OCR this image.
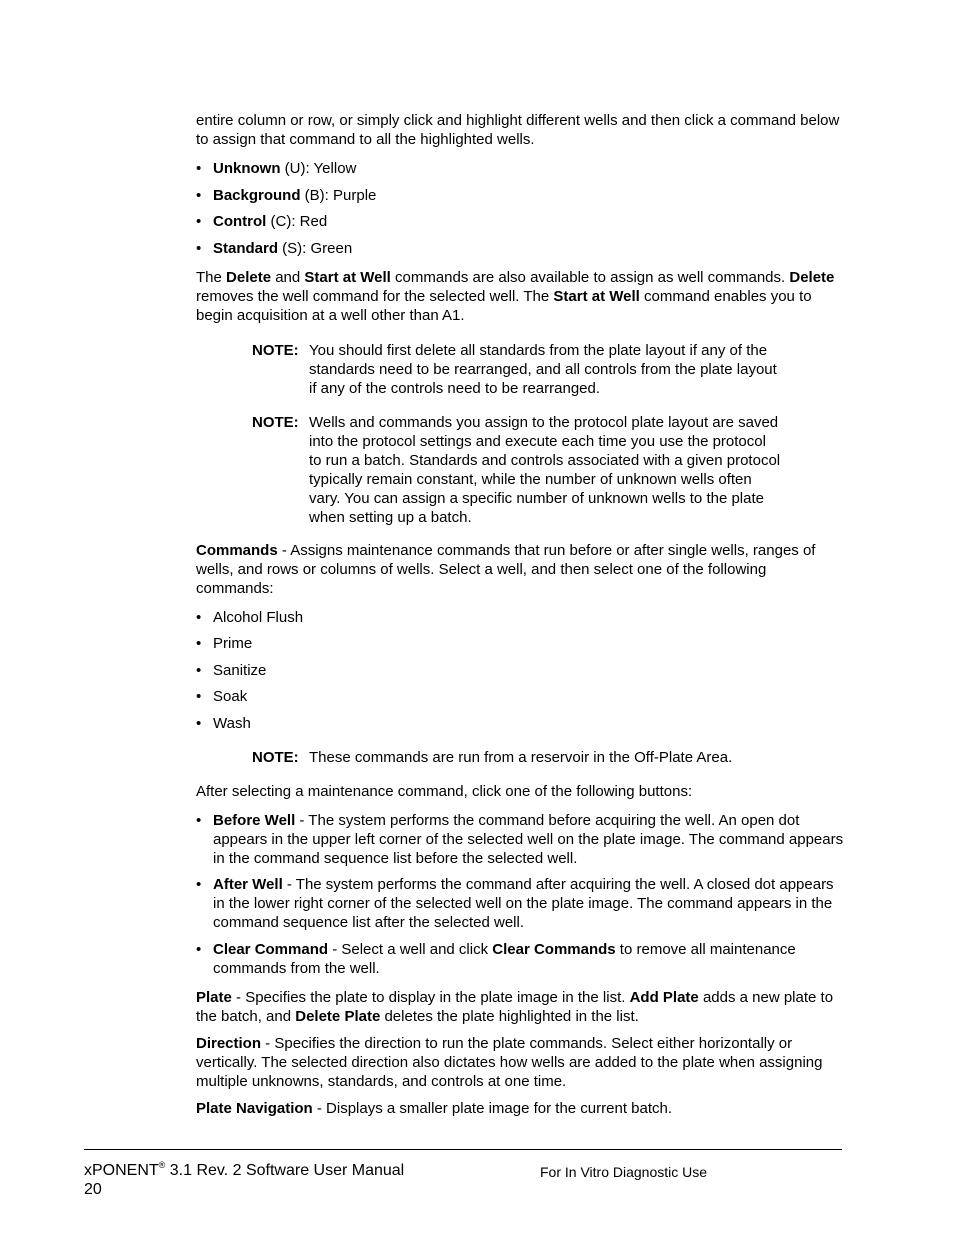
entire column or row, or simply click and highlight different wells and then click a command below to assign that command to all the highlighted wells.

• Unknown (U): Yellow
• Background (B): Purple
• Control (C): Red
• Standard (S): Green

The Delete and Start at Well commands are also available to assign as well commands. Delete removes the well command for the selected well. The Start at Well command enables you to begin acquisition at a well other than A1.

NOTE: You should first delete all standards from the plate layout if any of the standards need to be rearranged, and all controls from the plate layout if any of the controls need to be rearranged.
NOTE: Wells and commands you assign to the protocol plate layout are saved into the protocol settings and execute each time you use the protocol to run a batch. Standards and controls associated with a given protocol typically remain constant, while the number of unknown wells often vary. You can assign a specific number of unknown wells to the plate when setting up a batch.

Commands - Assigns maintenance commands that run before or after single wells, ranges of wells, and rows or columns of wells. Select a well, and then select one of the following commands:

• Alcohol Flush
• Prime
• Sanitize
• Soak
• Wash
NOTE: These commands are run from a reservoir in the Off-Plate Area.

After selecting a maintenance command, click one of the following buttons:

• Before Well - The system performs the command before acquiring the well. An open dot appears in the upper left corner of the selected well on the plate image. The command appears in the command sequence list before the selected well.
• After Well - The system performs the command after acquiring the well. A closed dot appears in the lower right corner of the selected well on the plate image. The command appears in the command sequence list after the selected well.
• Clear Command - Select a well and click Clear Commands to remove all maintenance commands from the well.

Plate - Specifies the plate to display in the plate image in the list. Add Plate adds a new plate to the batch, and Delete Plate deletes the plate highlighted in the list.

Direction - Specifies the direction to run the plate commands. Select either horizontally or vertically. The selected direction also dictates how wells are added to the plate when assigning multiple unknowns, standards, and controls at one time.

Plate Navigation - Displays a smaller plate image for the current batch.

xPONENT® 3.1 Rev. 2 Software User Manual
20
For In Vitro Diagnostic Use
